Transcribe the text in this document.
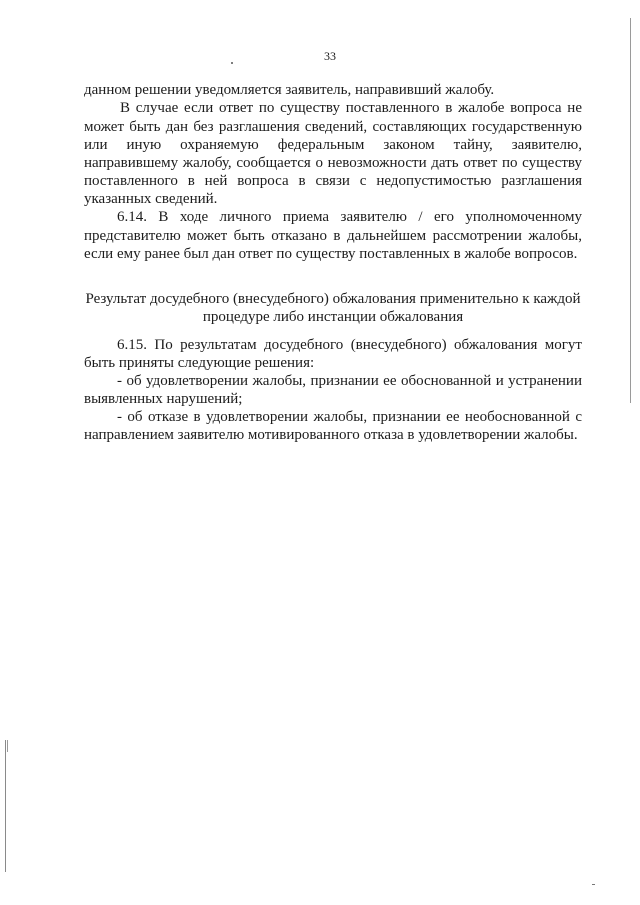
33
данном решении уведомляется заявитель, направивший жалобу.
В случае если ответ по существу поставленного в жалобе вопроса не
может быть дан без разглашения сведений, составляющих государственную
или иную охраняемую федеральным законом тайну, заявителю,
направившему жалобу, сообщается о невозможности дать ответ по существу
поставленного в ней вопроса в связи с недопустимостью разглашения
указанных сведений.
6.14. В ходе личного приема заявителю / его уполномоченному
представителю может быть отказано в дальнейшем рассмотрении жалобы,
если ему ранее был дан ответ по существу поставленных в жалобе вопросов.
Результат досудебного (внесудебного) обжалования применительно к каждой
процедуре либо инстанции обжалования
6.15. По результатам досудебного (внесудебного) обжалования могут
быть приняты следующие решения:
- об удовлетворении жалобы, признании ее обоснованной и устранении
выявленных нарушений;
- об отказе в удовлетворении жалобы, признании ее необоснованной с
направлением заявителю мотивированного отказа в удовлетворении жалобы.
